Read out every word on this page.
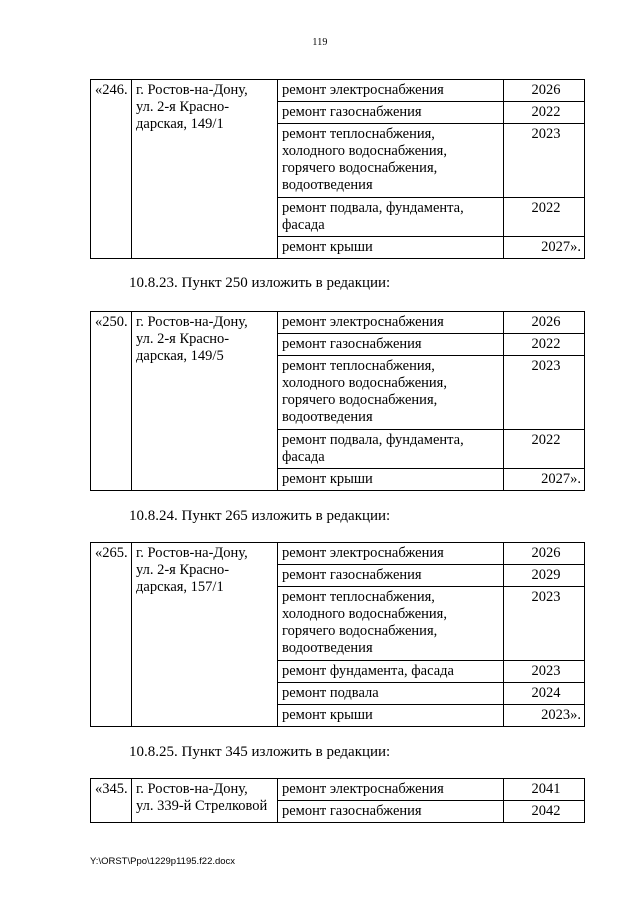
119
«246.	г. Ростов-на-Дону,
ул. 2-я Красно-
дарская, 149/1	ремонт электроснабжения	2026

		ремонт газоснабжения	2022

		ремонт теплоснабжения,
холодного водоснабжения,
горячего водоснабжения,
водоотведения	2023

		ремонт подвала, фундамента,
фасада	2022

		ремонт крыши	2027».
10.8.23. Пункт 250 изложить в редакции:
«250.	г. Ростов-на-Дону,
ул. 2-я Красно-
дарская, 149/5	ремонт электроснабжения	2026

		ремонт газоснабжения	2022

		ремонт теплоснабжения,
холодного водоснабжения,
горячего водоснабжения,
водоотведения	2023

		ремонт подвала, фундамента,
фасада	2022

		ремонт крыши	2027».
10.8.24. Пункт 265 изложить в редакции:
«265.	г. Ростов-на-Дону,
ул. 2-я Красно-
дарская, 157/1	ремонт электроснабжения	2026

		ремонт газоснабжения	2029

		ремонт теплоснабжения,
холодного водоснабжения,
горячего водоснабжения,
водоотведения	2023

		ремонт фундамента, фасада	2023

		ремонт подвала	2024

		ремонт крыши	2023».
10.8.25. Пункт 345 изложить в редакции:
«345.	г. Ростов-на-Дону,
ул. 339-й Стрелковой	ремонт электроснабжения	2041

		ремонт газоснабжения	2042
Y:\ORST\Ppo\1229p1195.f22.docx
